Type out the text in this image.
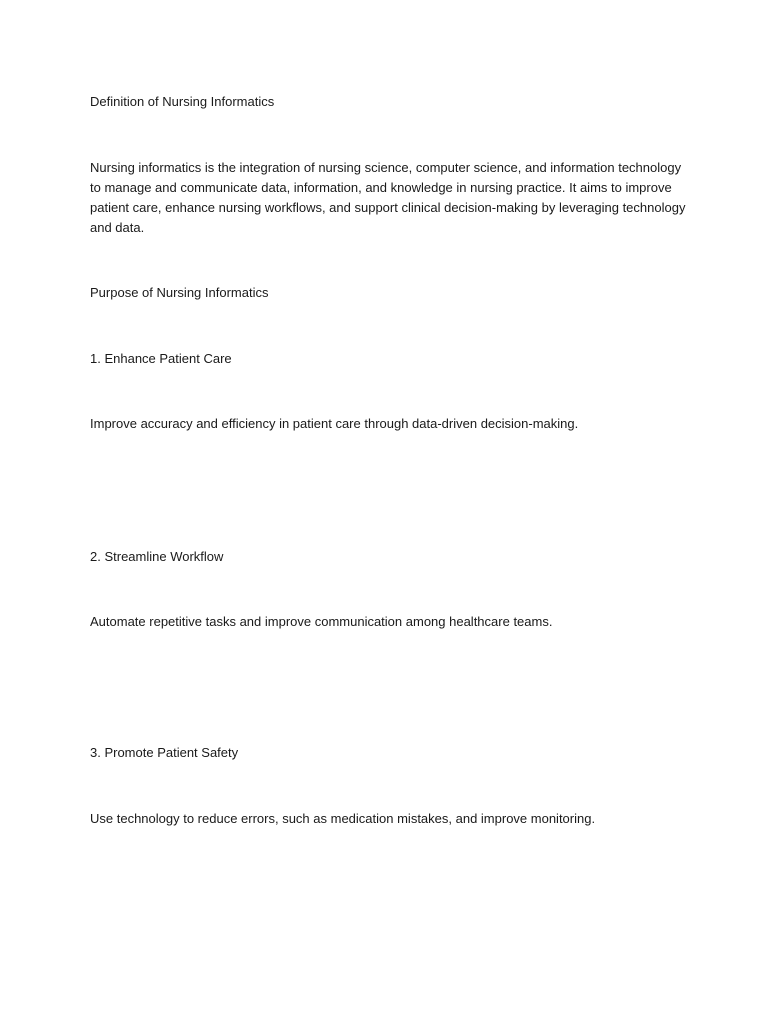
Definition of Nursing Informatics
Nursing informatics is the integration of nursing science, computer science, and information technology
to manage and communicate data, information, and knowledge in nursing practice. It aims to improve
patient care, enhance nursing workflows, and support clinical decision-making by leveraging technology
and data.
Purpose of Nursing Informatics
1. Enhance Patient Care
Improve accuracy and efficiency in patient care through data-driven decision-making.
2. Streamline Workflow
Automate repetitive tasks and improve communication among healthcare teams.
3. Promote Patient Safety
Use technology to reduce errors, such as medication mistakes, and improve monitoring.
